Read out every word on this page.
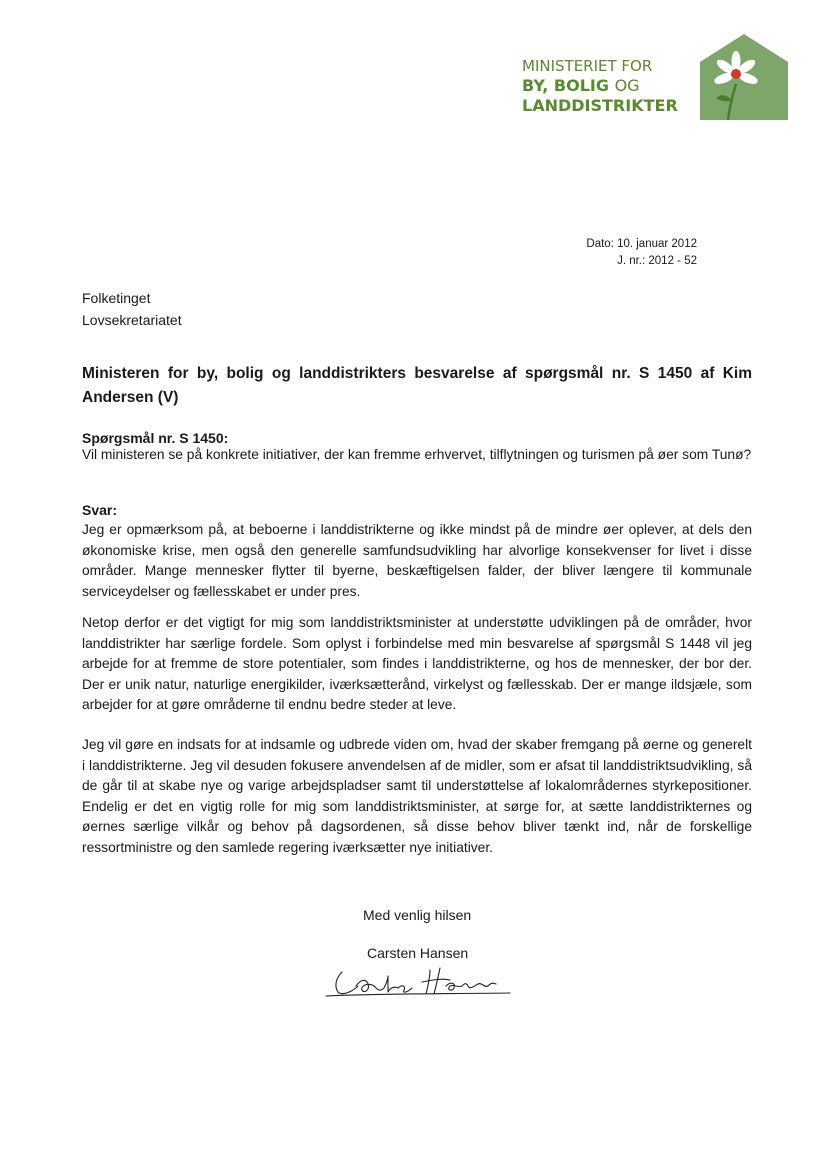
MINISTERIET FOR
BY, BOLIG OG
LANDDISTRIKTER
Dato: 10. januar 2012
J. nr.: 2012 - 52
Folketinget
Lovsekretariatet

Ministeren for by, bolig og landdistrikters besvarelse af spørgsmål nr. S 1450 af Kim Andersen (V)

Spørgsmål nr. S 1450:

Vil ministeren se på konkrete initiativer, der kan fremme erhvervet, tilflytningen og turismen på øer som Tunø?

Svar:

Jeg er opmærksom på, at beboerne i landdistrikterne og ikke mindst på de mindre øer oplever, at dels den økonomiske krise, men også den generelle samfundsudvikling har alvorlige konsekvenser for livet i disse områder. Mange mennesker flytter til byerne, beskæftigelsen falder, der bliver længere til kommunale serviceydelser og fællesskabet er under pres.

Netop derfor er det vigtigt for mig som landdistriktsminister at understøtte udviklingen på de områder, hvor landdistrikter har særlige fordele. Som oplyst i forbindelse med min besvarelse af spørgsmål S 1448 vil jeg arbejde for at fremme de store potentialer, som findes i landdistrikterne, og hos de mennesker, der bor der. Der er unik natur, naturlige energikilder, iværksætterånd, virkelyst og fællesskab. Der er mange ildsjæle, som arbejder for at gøre områderne til endnu bedre steder at leve.

Jeg vil gøre en indsats for at indsamle og udbrede viden om, hvad der skaber fremgang på øerne og generelt i landdistrikterne. Jeg vil desuden fokusere anvendelsen af de midler, som er afsat til landdistriktsudvikling, så de går til at skabe nye og varige arbejdspladser samt til understøttelse af lokalområdernes styrkepositioner. Endelig er det en vigtig rolle for mig som landdistriktsminister, at sørge for, at sætte landdistrikternes og øernes særlige vilkår og behov på dagsordenen, så disse behov bliver tænkt ind, når de forskellige ressortministre og den samlede regering iværksætter nye initiativer.

Med venlig hilsen
Carsten Hansen
